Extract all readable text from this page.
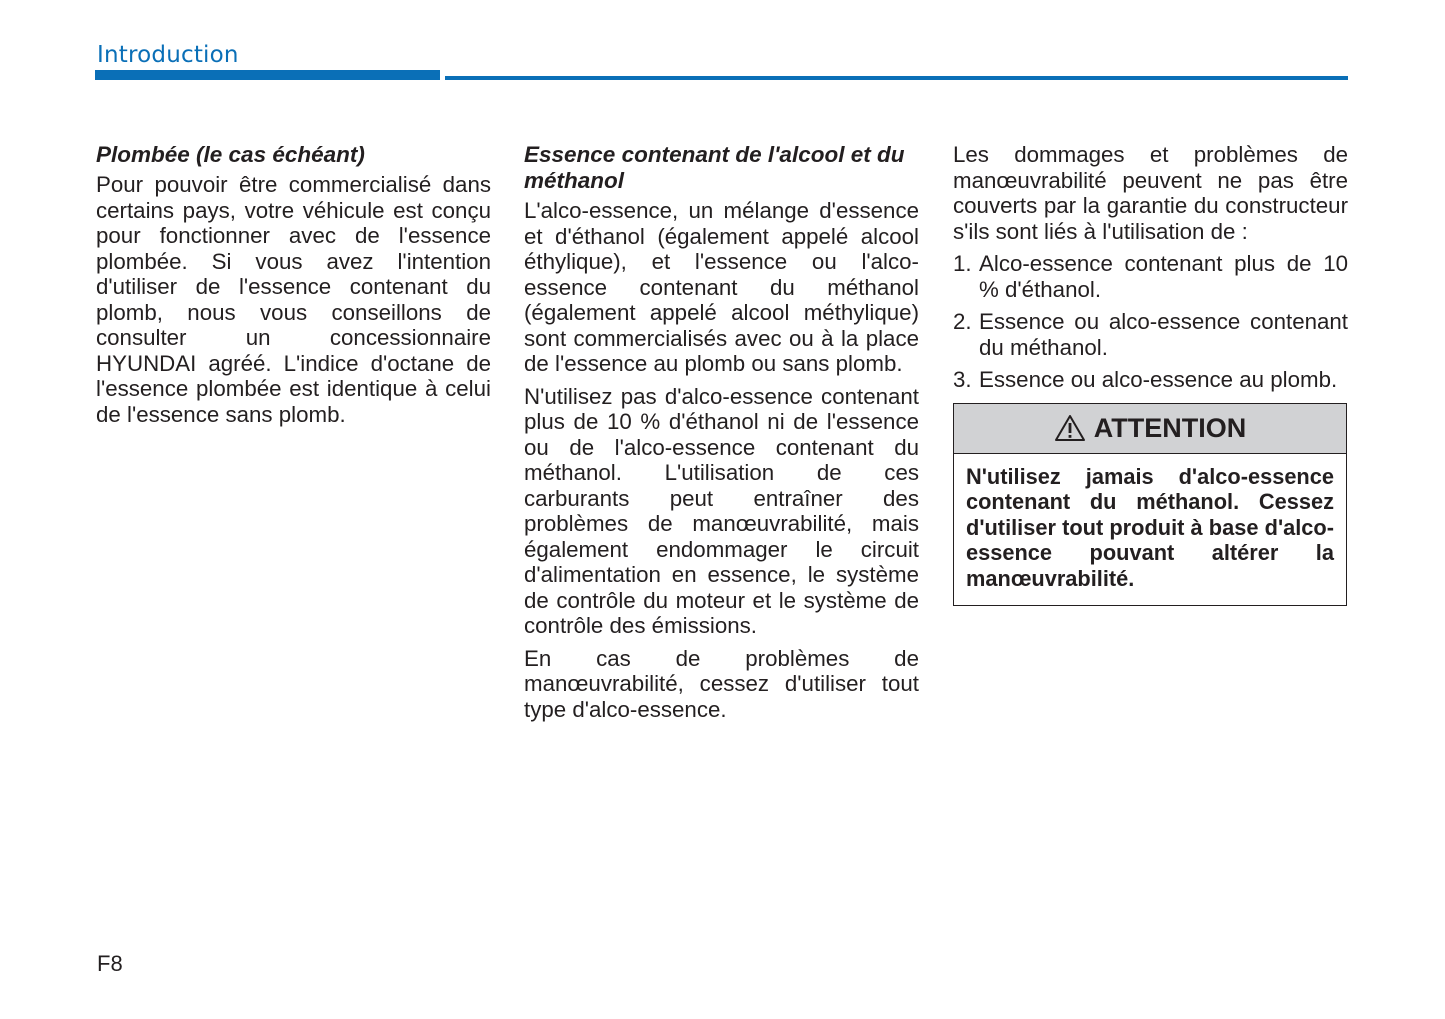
Introduction
Plombée (le cas échéant)

Pour pouvoir être commercialisé dans certains pays, votre véhicule est conçu pour fonctionner avec de l'essence plombée. Si vous avez l'intention d'utiliser de l'essence contenant du plomb, nous vous conseillons de consulter un concessionnaire HYUNDAI agréé. L'indice d'octane de l'essence plombée est identique à celui de l'essence sans plomb.

Essence contenant de l'alcool et du méthanol

L'alco-essence, un mélange d'essence et d'éthanol (également appelé alcool éthylique), et l'essence ou l'alco-essence contenant du méthanol (également appelé alcool méthylique) sont commercialisés avec ou à la place de l'essence au plomb ou sans plomb.

N'utilisez pas d'alco-essence contenant plus de 10 % d'éthanol ni de l'essence ou de l'alco-essence contenant du méthanol. L'utilisation de ces carburants peut entraîner des problèmes de manœuvrabilité, mais également endommager le circuit d'alimentation en essence, le système de contrôle du moteur et le système de contrôle des émissions.

En cas de problèmes de manœuvrabilité, cessez d'utiliser tout type d'alco-essence.

Les dommages et problèmes de manœuvrabilité peuvent ne pas être couverts par la garantie du constructeur s'ils sont liés à l'utilisation de :

1. Alco-essence contenant plus de 10 % d'éthanol.
2. Essence ou alco-essence contenant du méthanol.
3. Essence ou alco-essence au plomb.
ATTENTION
N'utilisez jamais d'alco-essence contenant du méthanol. Cessez d'utiliser tout produit à base d'alco-essence pouvant altérer la manœuvrabilité.
F8
